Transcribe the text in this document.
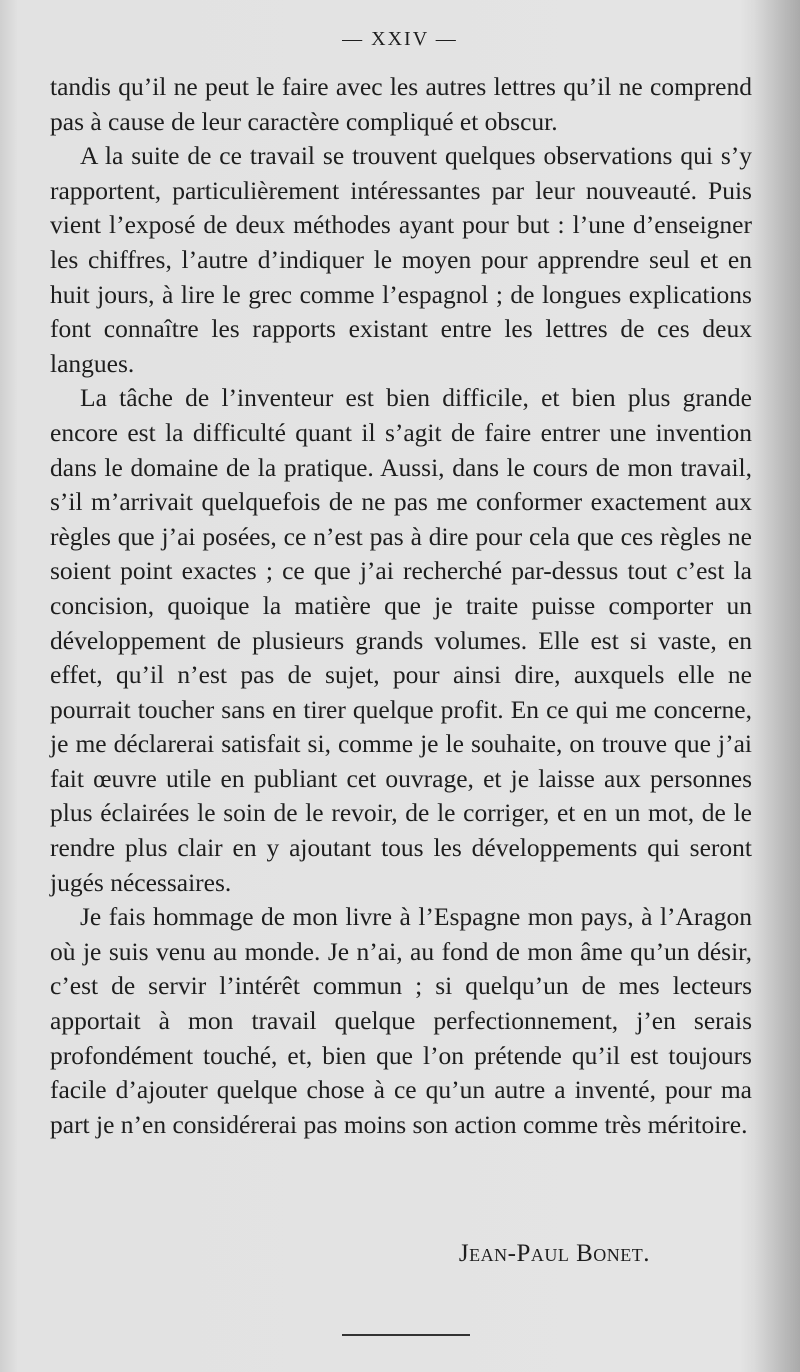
— XXIV —

tandis qu’il ne peut le faire avec les autres lettres qu’il ne comprend pas à cause de leur caractère compliqué et obscur.

A la suite de ce travail se trouvent quelques observations qui s’y rapportent, particulièrement intéressantes par leur nouveauté. Puis vient l’exposé de deux méthodes ayant pour but : l’une d’enseigner les chiffres, l’autre d’indiquer le moyen pour apprendre seul et en huit jours, à lire le grec comme l’espagnol ; de longues explications font connaître les rapports existant entre les lettres de ces deux langues.

La tâche de l’inventeur est bien difficile, et bien plus grande encore est la difficulté quant il s’agit de faire entrer une invention dans le domaine de la pratique. Aussi, dans le cours de mon travail, s’il m’arrivait quelquefois de ne pas me conformer exactement aux règles que j’ai posées, ce n’est pas à dire pour cela que ces règles ne soient point exactes ; ce que j’ai recherché par-dessus tout c’est la concision, quoique la matière que je traite puisse comporter un développement de plusieurs grands volumes. Elle est si vaste, en effet, qu’il n’est pas de sujet, pour ainsi dire, auxquels elle ne pourrait toucher sans en tirer quelque profit. En ce qui me concerne, je me déclarerai satisfait si, comme je le souhaite, on trouve que j’ai fait œuvre utile en publiant cet ouvrage, et je laisse aux personnes plus éclairées le soin de le revoir, de le corriger, et en un mot, de le rendre plus clair en y ajoutant tous les développements qui seront jugés nécessaires.

Je fais hommage de mon livre à l’Espagne mon pays, à l’Aragon où je suis venu au monde. Je n’ai, au fond de mon âme qu’un désir, c’est de servir l’intérêt commun ; si quelqu’un de mes lecteurs apportait à mon travail quelque perfectionnement, j’en serais profondément touché, et, bien que l’on prétende qu’il est toujours facile d’ajouter quelque chose à ce qu’un autre a inventé, pour ma part je n’en considérerai pas moins son action comme très méritoire.

Jean-Paul Bonet.
